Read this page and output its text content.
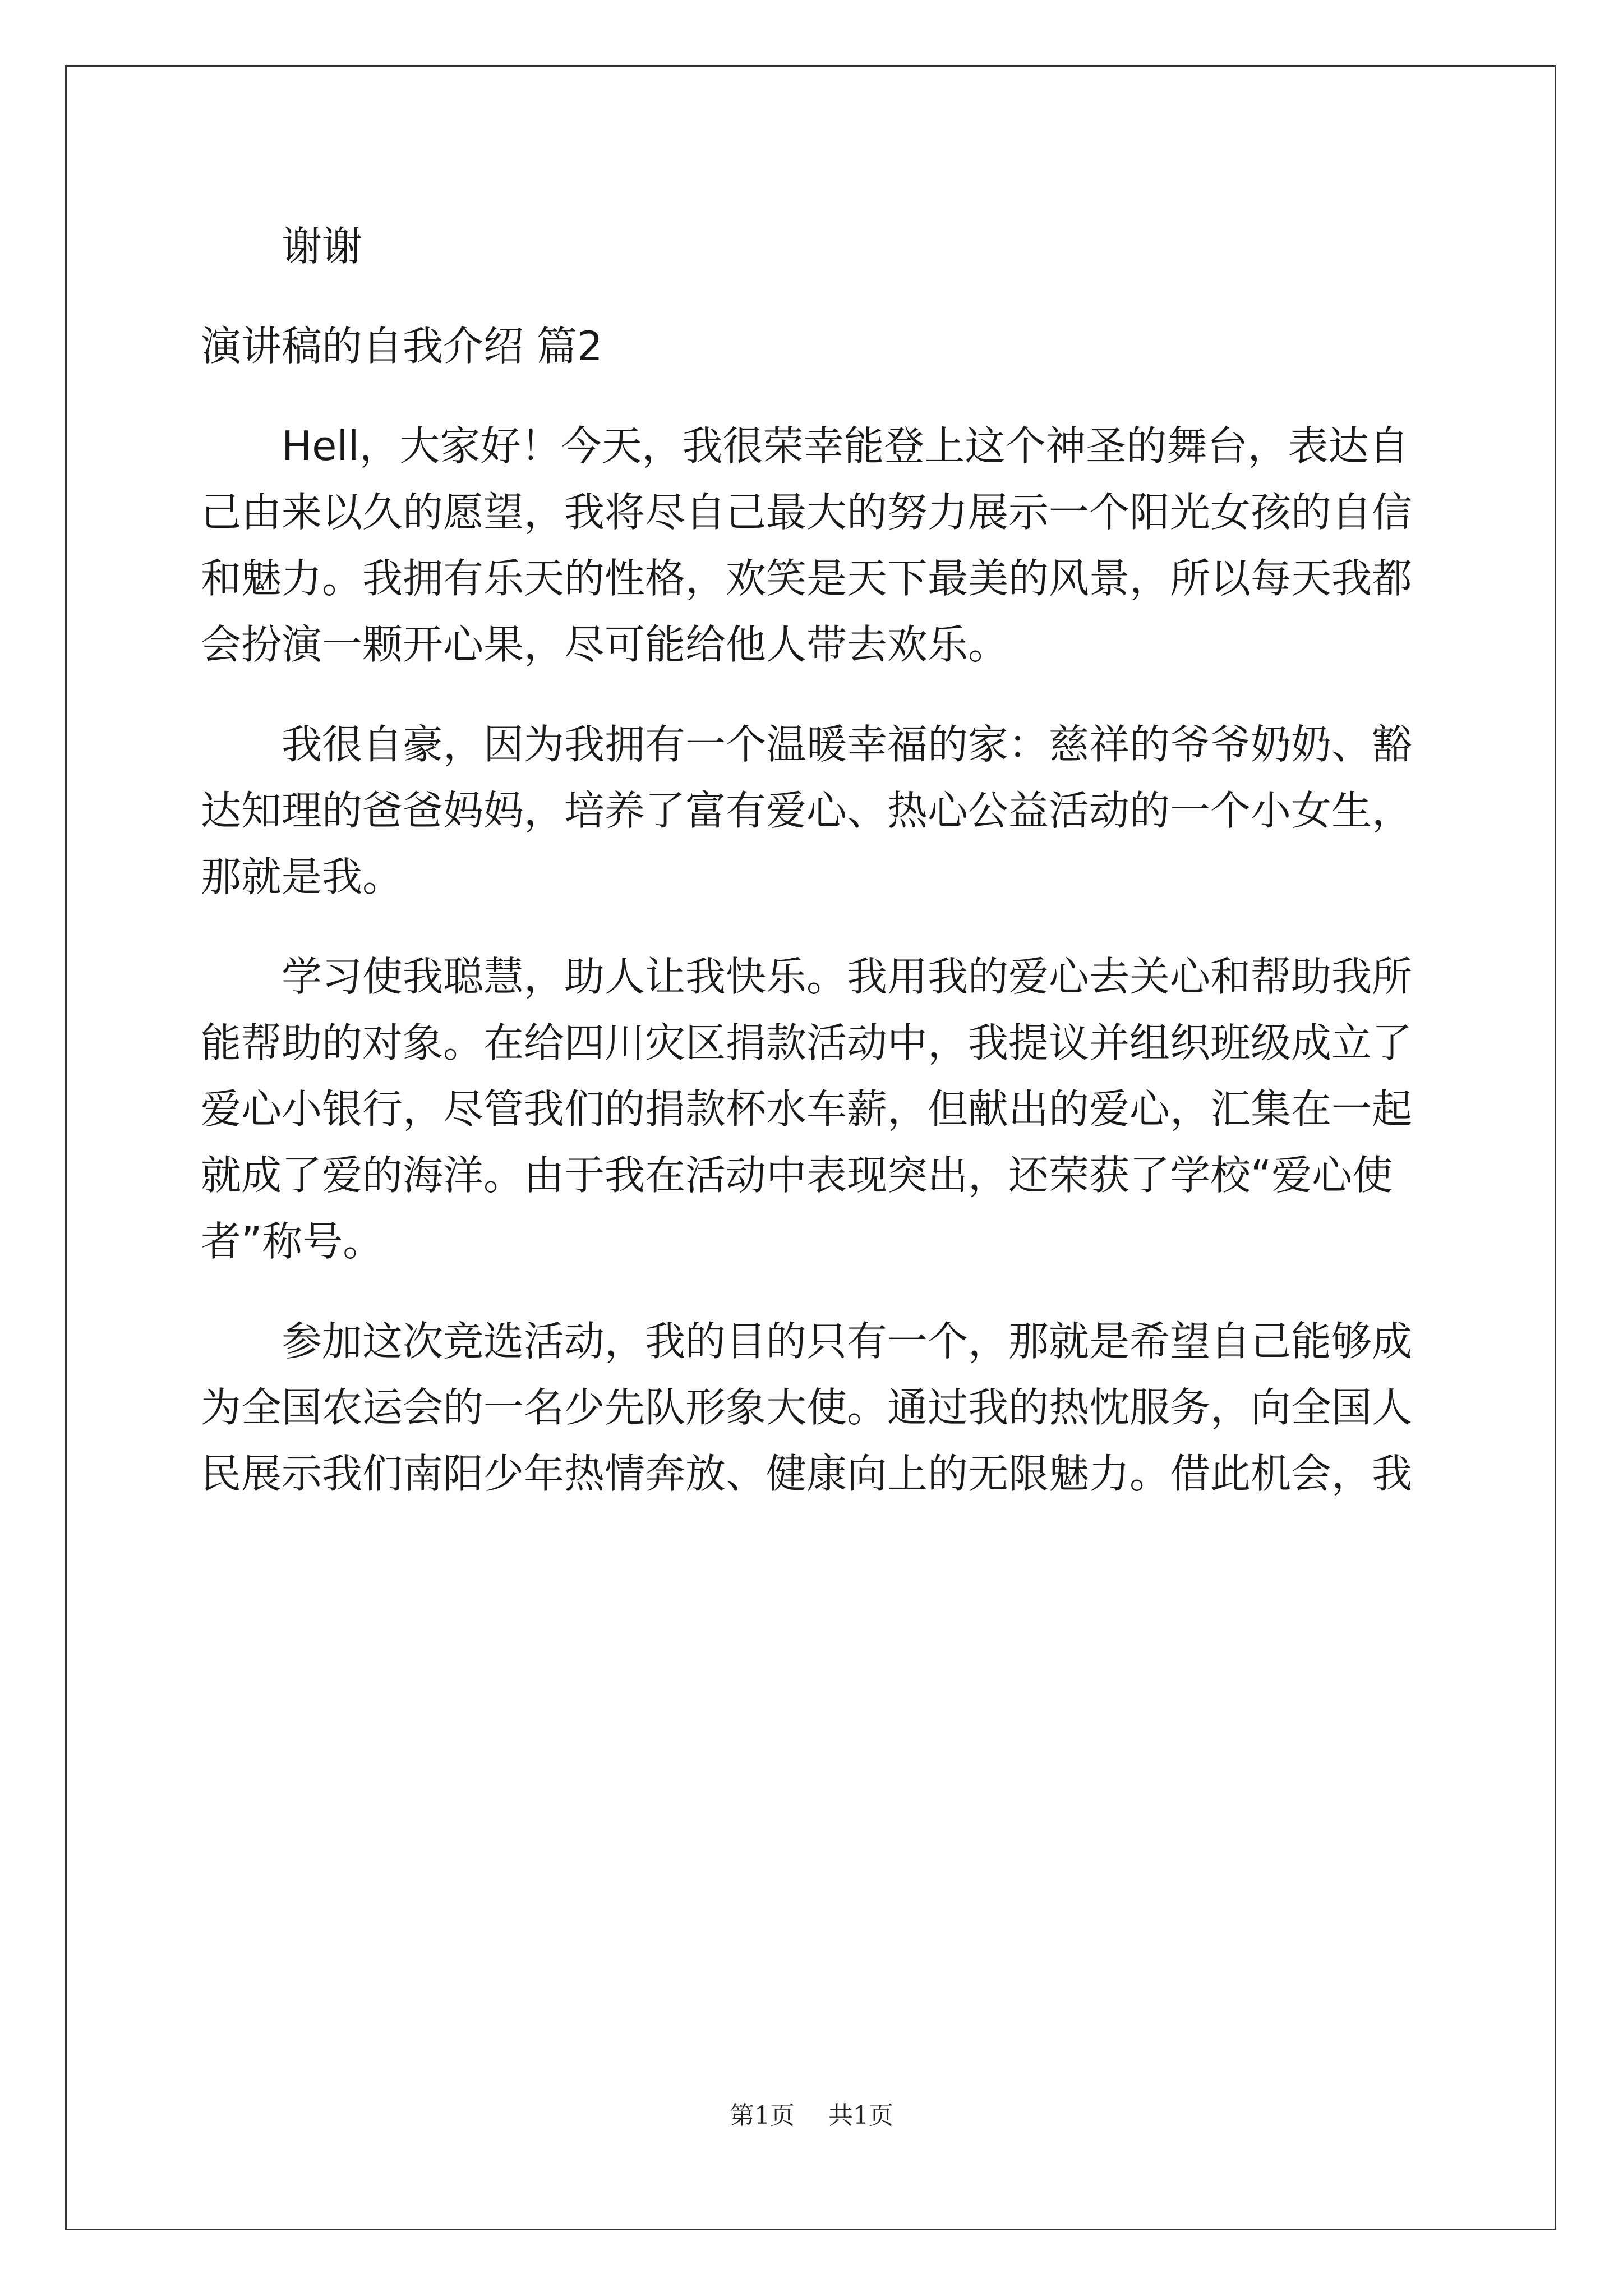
谢谢
演讲稿的自我介绍 篇2
Hell，大家好！今天，我很荣幸能登上这个神圣的舞台，表达自
己由来以久的愿望，我将尽自己最大的努力展示一个阳光女孩的自信
和魅力。我拥有乐天的性格，欢笑是天下最美的风景，所以每天我都
会扮演一颗开心果，尽可能给他人带去欢乐。
我很自豪，因为我拥有一个温暖幸福的家：慈祥的爷爷奶奶、豁
达知理的爸爸妈妈，培养了富有爱心、热心公益活动的一个小女生，
那就是我。
学习使我聪慧，助人让我快乐。我用我的爱心去关心和帮助我所
能帮助的对象。在给四川灾区捐款活动中，我提议并组织班级成立了
爱心小银行，尽管我们的捐款杯水车薪，但献出的爱心，汇集在一起
就成了爱的海洋。由于我在活动中表现突出，还荣获了学校“爱心使
者”称号。
参加这次竞选活动，我的目的只有一个，那就是希望自己能够成
为全国农运会的一名少先队形象大使。通过我的热忱服务，向全国人
民展示我们南阳少年热情奔放、健康向上的无限魅力。借此机会，我
第1页 共1页
